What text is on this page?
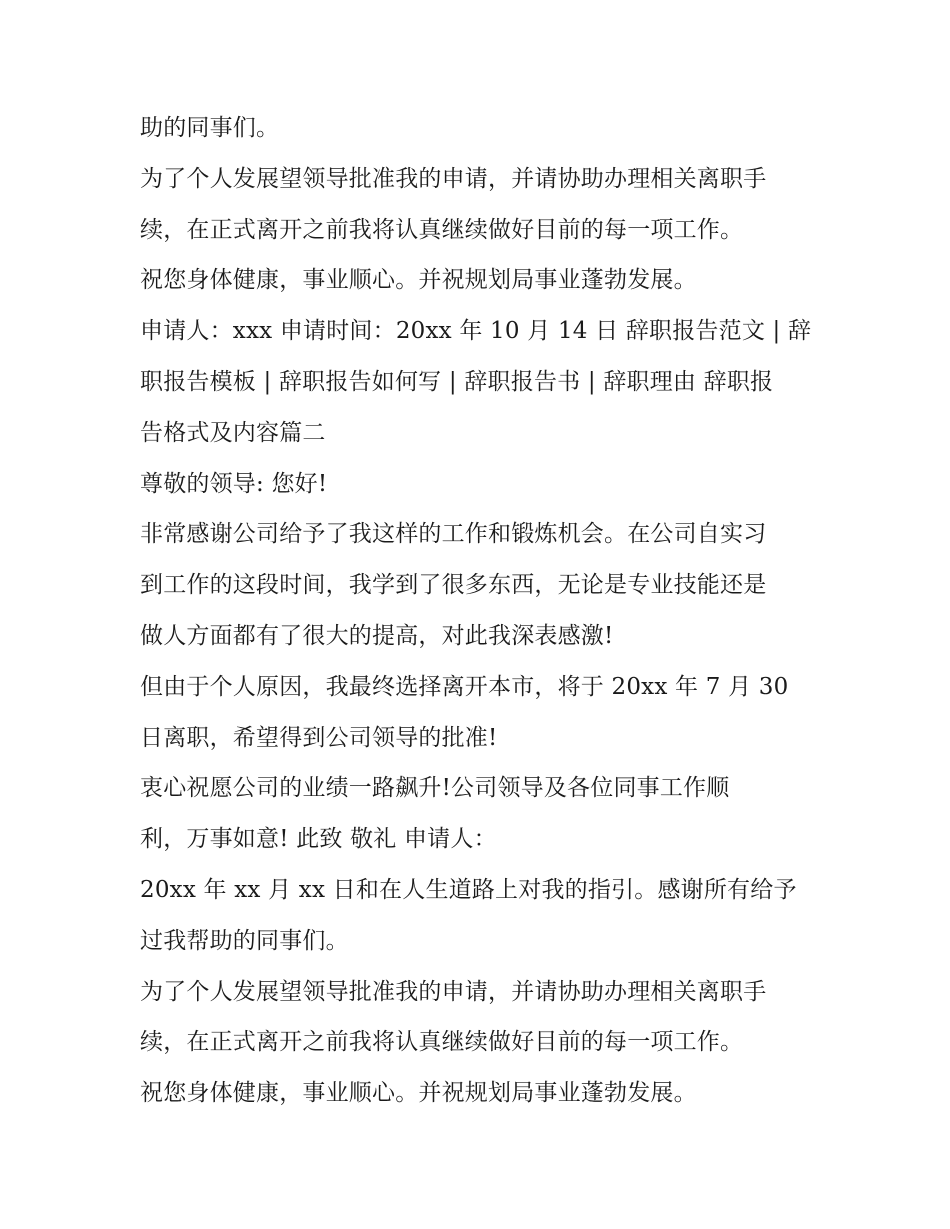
助的同事们。
为了个人发展望领导批准我的申请，并请协助办理相关离职手
续，在正式离开之前我将认真继续做好目前的每一项工作。
祝您身体健康，事业顺心。并祝规划局事业蓬勃发展。
申请人：xxx 申请时间：20xx 年 10 月 14 日 辞职报告范文 | 辞
职报告模板 | 辞职报告如何写 | 辞职报告书 | 辞职理由 辞职报
告格式及内容篇二
尊敬的领导: 您好!
非常感谢公司给予了我这样的工作和锻炼机会。在公司自实习
到工作的这段时间，我学到了很多东西，无论是专业技能还是
做人方面都有了很大的提高，对此我深表感激!
但由于个人原因，我最终选择离开本市，将于 20xx 年 7 月 30
日离职，希望得到公司领导的批准!
衷心祝愿公司的业绩一路飙升!公司领导及各位同事工作顺
利，万事如意! 此致 敬礼 申请人：
20xx 年 xx 月 xx 日和在人生道路上对我的指引。感谢所有给予
过我帮助的同事们。
为了个人发展望领导批准我的申请，并请协助办理相关离职手
续，在正式离开之前我将认真继续做好目前的每一项工作。
祝您身体健康，事业顺心。并祝规划局事业蓬勃发展。
